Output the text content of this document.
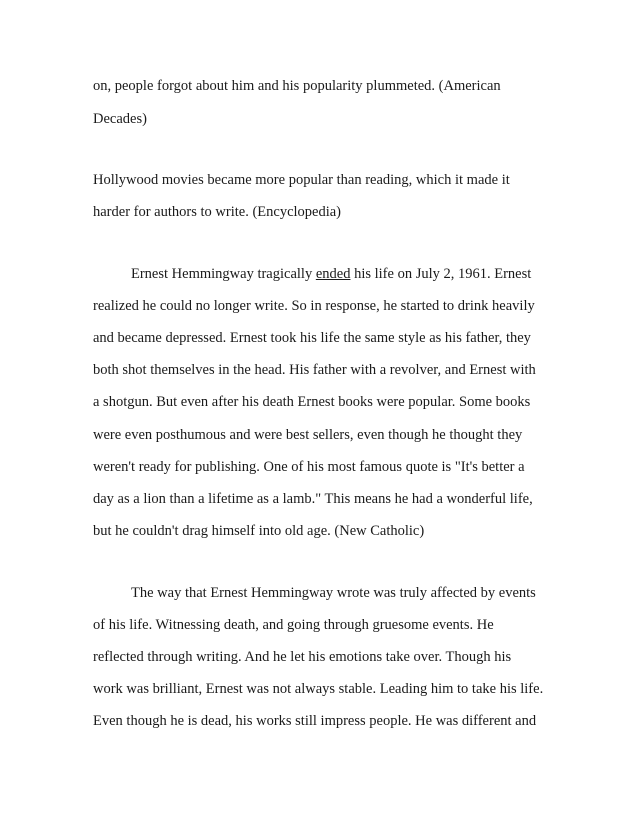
on, people forgot about him and his popularity plummeted. (American
Decades)
Hollywood movies became more popular than reading, which it made it
harder for authors to write. (Encyclopedia)
Ernest Hemmingway tragically ended his life on July 2, 1961. Ernest
realized he could no longer write. So in response, he started to drink heavily
and became depressed. Ernest took his life the same style as his father, they
both shot themselves in the head. His father with a revolver, and Ernest with
a shotgun. But even after his death Ernest books were popular. Some books
were even posthumous and were best sellers, even though he thought they
weren't ready for publishing. One of his most famous quote is "It's better a
day as a lion than a lifetime as a lamb." This means he had a wonderful life,
but he couldn't drag himself into old age. (New Catholic)
The way that Ernest Hemmingway wrote was truly affected by events
of his life. Witnessing death, and going through gruesome events. He
reflected through writing. And he let his emotions take over. Though his
work was brilliant, Ernest was not always stable. Leading him to take his life.
Even though he is dead, his works still impress people. He was different and
